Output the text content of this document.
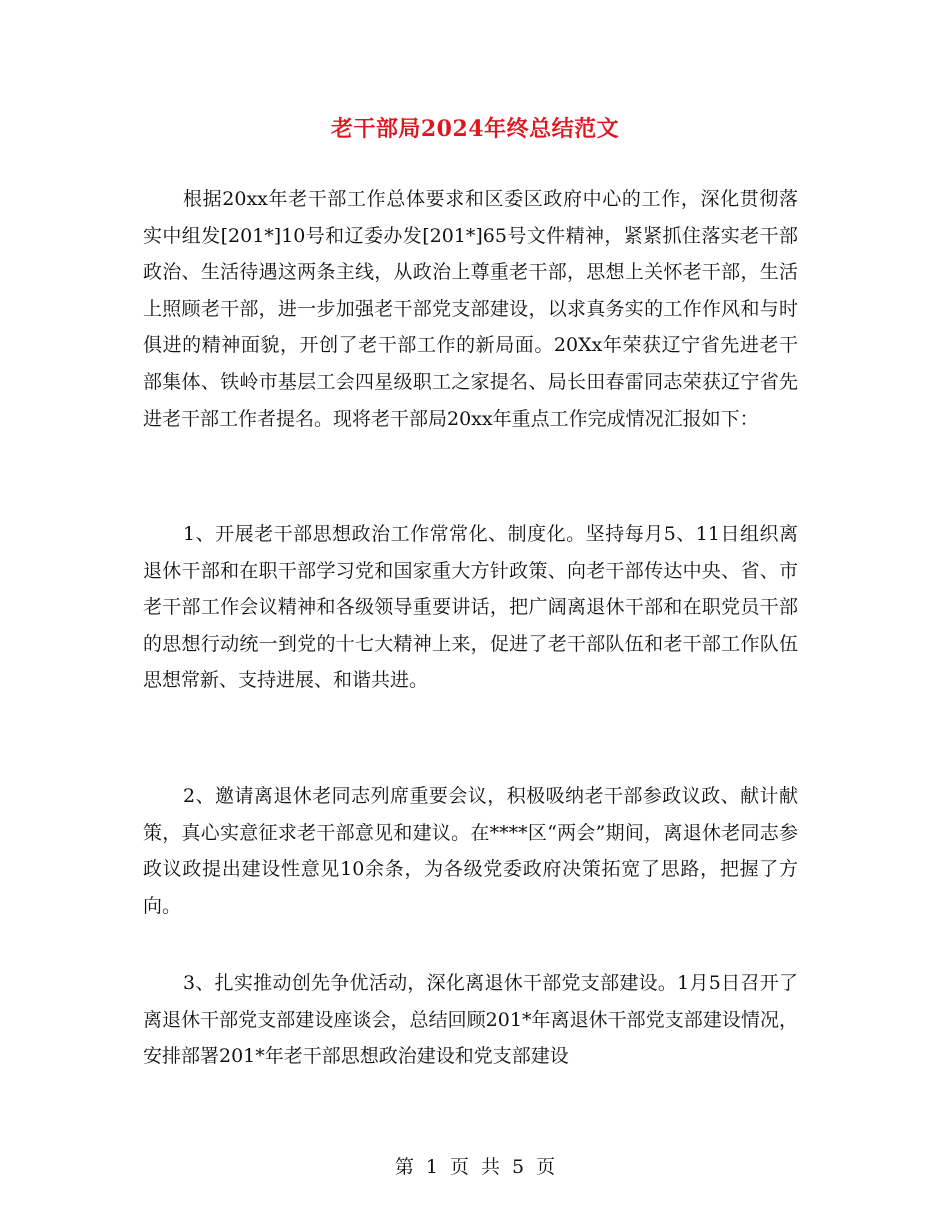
老干部局2024年终总结范文

根据20xx年老干部工作总体要求和区委区政府中心的工作，深化贯彻落实中组发[201*]10号和辽委办发[201*]65号文件精神，紧紧抓住落实老干部政治、生活待遇这两条主线，从政治上尊重老干部，思想上关怀老干部，生活上照顾老干部，进一步加强老干部党支部建设，以求真务实的工作作风和与时俱进的精神面貌，开创了老干部工作的新局面。20Xx年荣获辽宁省先进老干部集体、铁岭市基层工会四星级职工之家提名、局长田春雷同志荣获辽宁省先进老干部工作者提名。现将老干部局20xx年重点工作完成情况汇报如下：

1、开展老干部思想政治工作常常化、制度化。坚持每月5、11日组织离退休干部和在职干部学习党和国家重大方针政策、向老干部传达中央、省、市老干部工作会议精神和各级领导重要讲话，把广阔离退休干部和在职党员干部的思想行动统一到党的十七大精神上来，促进了老干部队伍和老干部工作队伍思想常新、支持进展、和谐共进。

2、邀请离退休老同志列席重要会议，积极吸纳老干部参政议政、献计献策，真心实意征求老干部意见和建议。在****区“两会”期间，离退休老同志参政议政提出建设性意见10余条，为各级党委政府决策拓宽了思路，把握了方向。

3、扎实推动创先争优活动，深化离退休干部党支部建设。1月5日召开了离退休干部党支部建设座谈会，总结回顾201*年离退休干部党支部建设情况，安排部署201*年老干部思想政治建设和党支部建设

第 1 页 共 5 页
